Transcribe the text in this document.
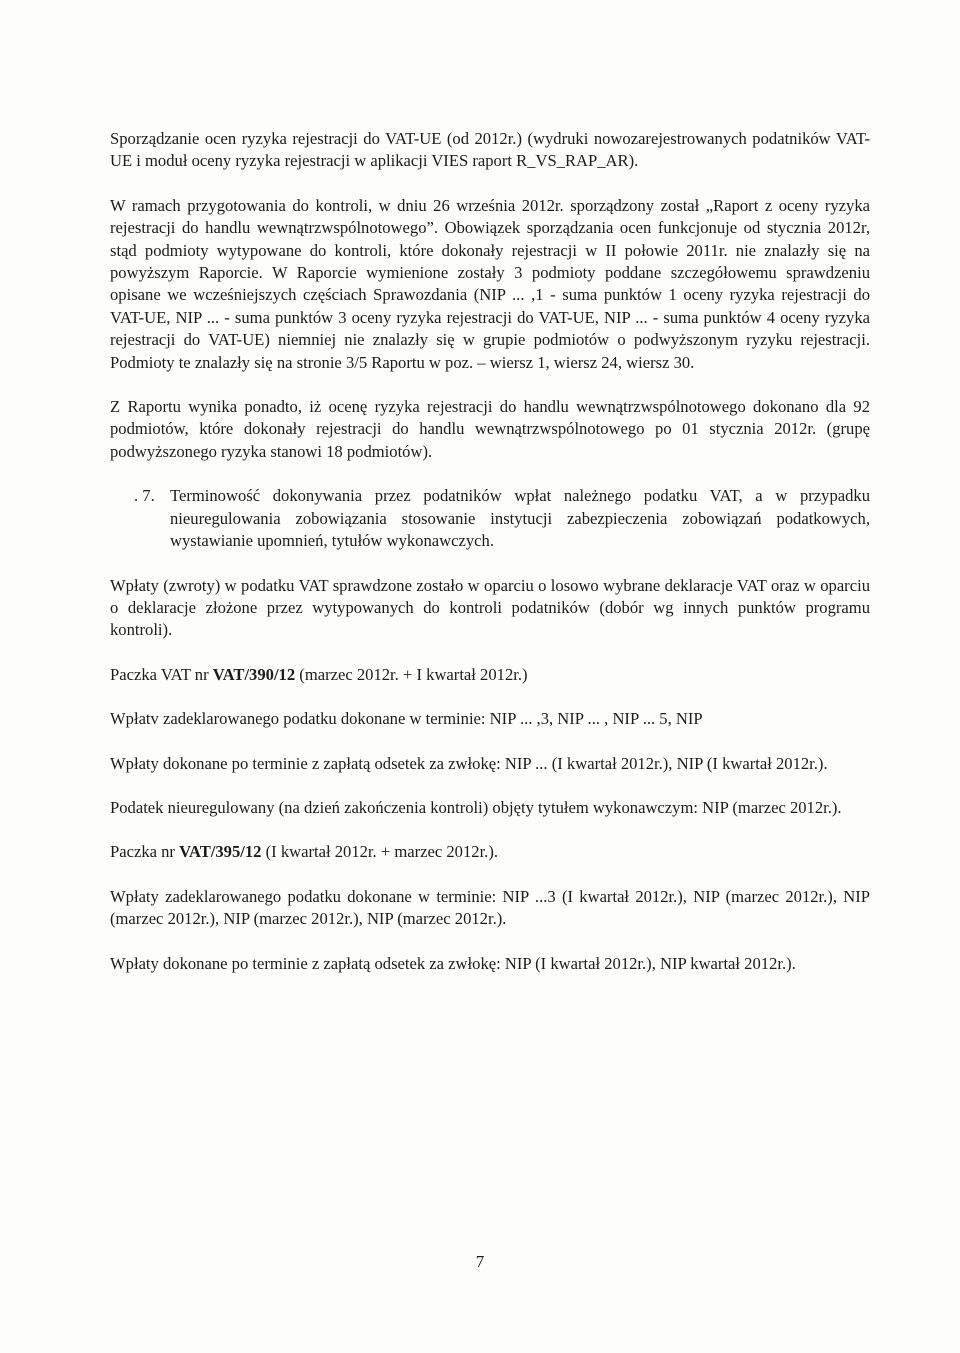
Sporządzanie ocen ryzyka rejestracji do VAT-UE (od 2012r.) (wydruki nowozarejestrowanych podatników VAT-UE i moduł oceny ryzyka rejestracji w aplikacji VIES raport R_VS_RAP_AR).

W ramach przygotowania do kontroli, w dniu 26 września 2012r. sporządzony został „Raport z oceny ryzyka rejestracji do handlu wewnątrzwspólnotowego”. Obowiązek sporządzania ocen funkcjonuje od stycznia 2012r, stąd podmioty wytypowane do kontroli, które dokonały rejestracji w II połowie 2011r. nie znalazły się na powyższym Raporcie. W Raporcie wymienione zostały 3 podmioty poddane szczegółowemu sprawdzeniu opisane we wcześniejszych częściach Sprawozdania (NIP ... ,1 - suma punktów 1 oceny ryzyka rejestracji do VAT-UE, NIP ... - suma punktów 3 oceny ryzyka rejestracji do VAT-UE, NIP ... - suma punktów 4 oceny ryzyka rejestracji do VAT-UE) niemniej nie znalazły się w grupie podmiotów o podwyższonym ryzyku rejestracji. Podmioty te znalazły się na stronie 3/5 Raportu w poz. – wiersz 1, wiersz 24, wiersz 30.

Z Raportu wynika ponadto, iż ocenę ryzyka rejestracji do handlu wewnątrzwspólnotowego dokonano dla 92 podmiotów, które dokonały rejestracji do handlu wewnątrzwspólnotowego po 01 stycznia 2012r. (grupę podwyższonego ryzyka stanowi 18 podmiotów).

. 7. Terminowość dokonywania przez podatników wpłat należnego podatku VAT, a w przypadku nieuregulowania zobowiązania stosowanie instytucji zabezpieczenia zobowiązań podatkowych, wystawianie upomnień, tytułów wykonawczych.

Wpłaty (zwroty) w podatku VAT sprawdzone zostało w oparciu o losowo wybrane deklaracje VAT oraz w oparciu o deklaracje złożone przez wytypowanych do kontroli podatników (dobór wg innych punktów programu kontroli).

Paczka VAT nr VAT/390/12 (marzec 2012r. + I kwartał 2012r.)

Wpłatv zadeklarowanego podatku dokonane w terminie: NIP ... ,3, NIP ... , NIP ... 5, NIP

Wpłaty dokonane po terminie z zapłatą odsetek za zwłokę: NIP ... (I kwartał 2012r.), NIP (I kwartał 2012r.).

Podatek nieuregulowany (na dzień zakończenia kontroli) objęty tytułem wykonawczym: NIP (marzec 2012r.).

Paczka nr VAT/395/12 (I kwartał 2012r. + marzec 2012r.).

Wpłaty zadeklarowanego podatku dokonane w terminie: NIP ...3 (I kwartał 2012r.), NIP (marzec 2012r.), NIP (marzec 2012r.), NIP (marzec 2012r.), NIP (marzec 2012r.).

Wpłaty dokonane po terminie z zapłatą odsetek za zwłokę: NIP (I kwartał 2012r.), NIP kwartał 2012r.).

7
